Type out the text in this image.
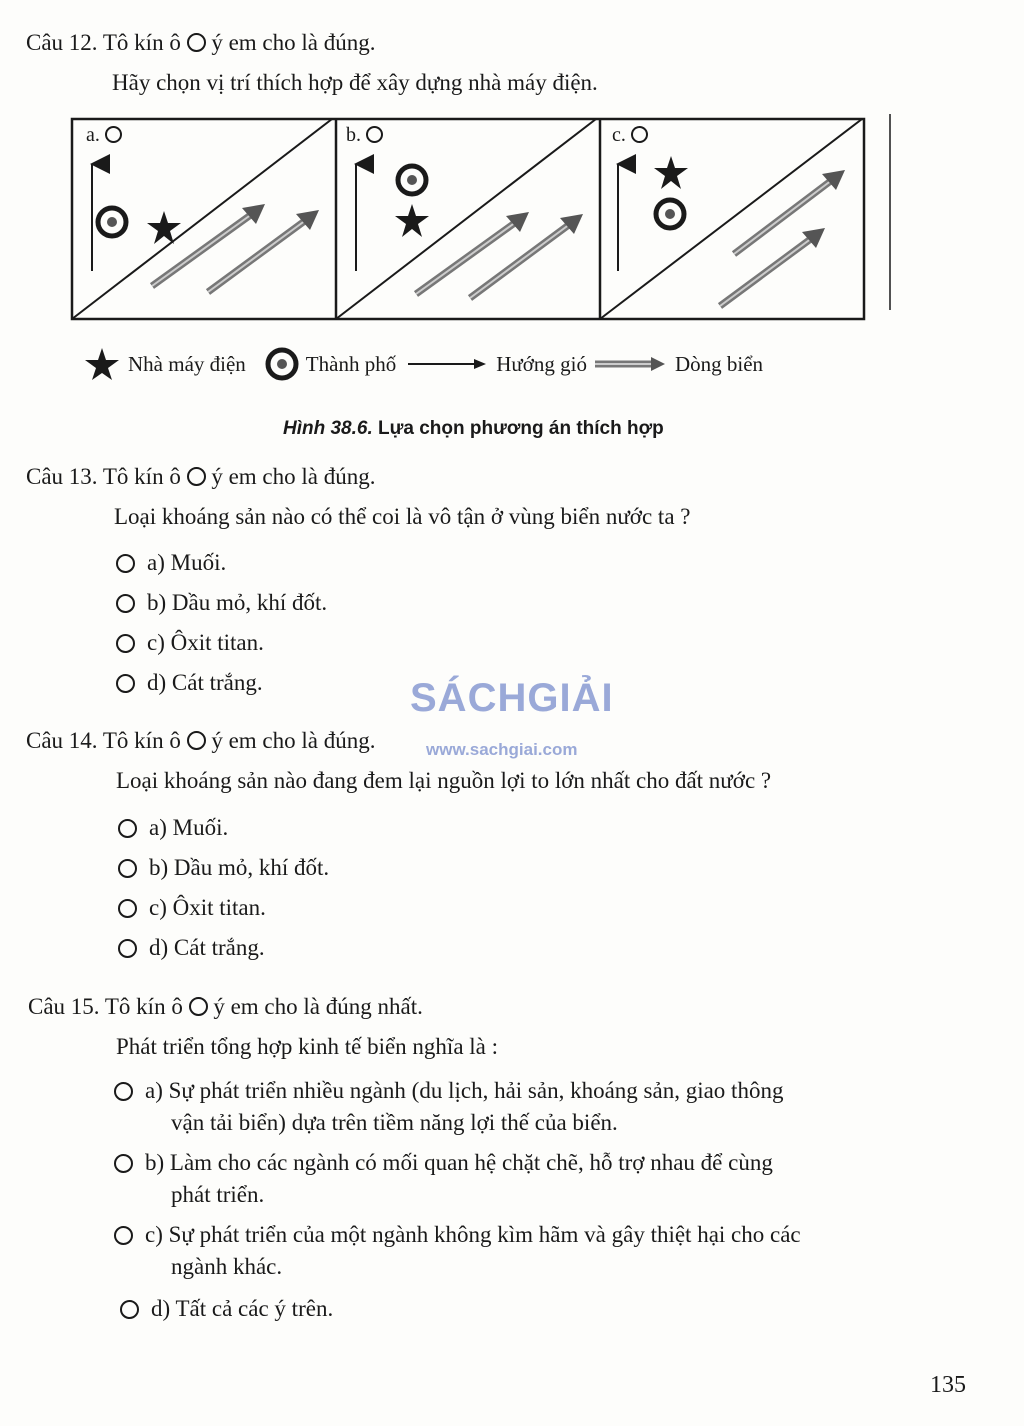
Câu 12. Tô kín ô ý em cho là đúng.
Hãy chọn vị trí thích hợp để xây dựng nhà máy điện.
a.	b.	c.
Nhà máy điện	Thành phố	Hướng gió	Dòng biển
Hình 38.6. Lựa chọn phương án thích hợp
Câu 13. Tô kín ô ý em cho là đúng.
Loại khoáng sản nào có thể coi là vô tận ở vùng biển nước ta ?
a) Muối.
b) Dầu mỏ, khí đốt.
c) Ôxit titan.
d) Cát trắng.	SÁCHGIẢI
www.sachgiai.com
Câu 14. Tô kín ô ý em cho là đúng.
Loại khoáng sản nào đang đem lại nguồn lợi to lớn nhất cho đất nước ?
a) Muối.
b) Dầu mỏ, khí đốt.
c) Ôxit titan.
d) Cát trắng.
Câu 15. Tô kín ô ý em cho là đúng nhất.
Phát triển tổng hợp kinh tế biển nghĩa là :
a) Sự phát triển nhiều ngành (du lịch, hải sản, khoáng sản, giao thông
vận tải biển) dựa trên tiềm năng lợi thế của biển.
b) Làm cho các ngành có mối quan hệ chặt chẽ, hỗ trợ nhau để cùng
phát triển.
c) Sự phát triển của một ngành không kìm hãm và gây thiệt hại cho các
ngành khác.
d) Tất cả các ý trên.
135
